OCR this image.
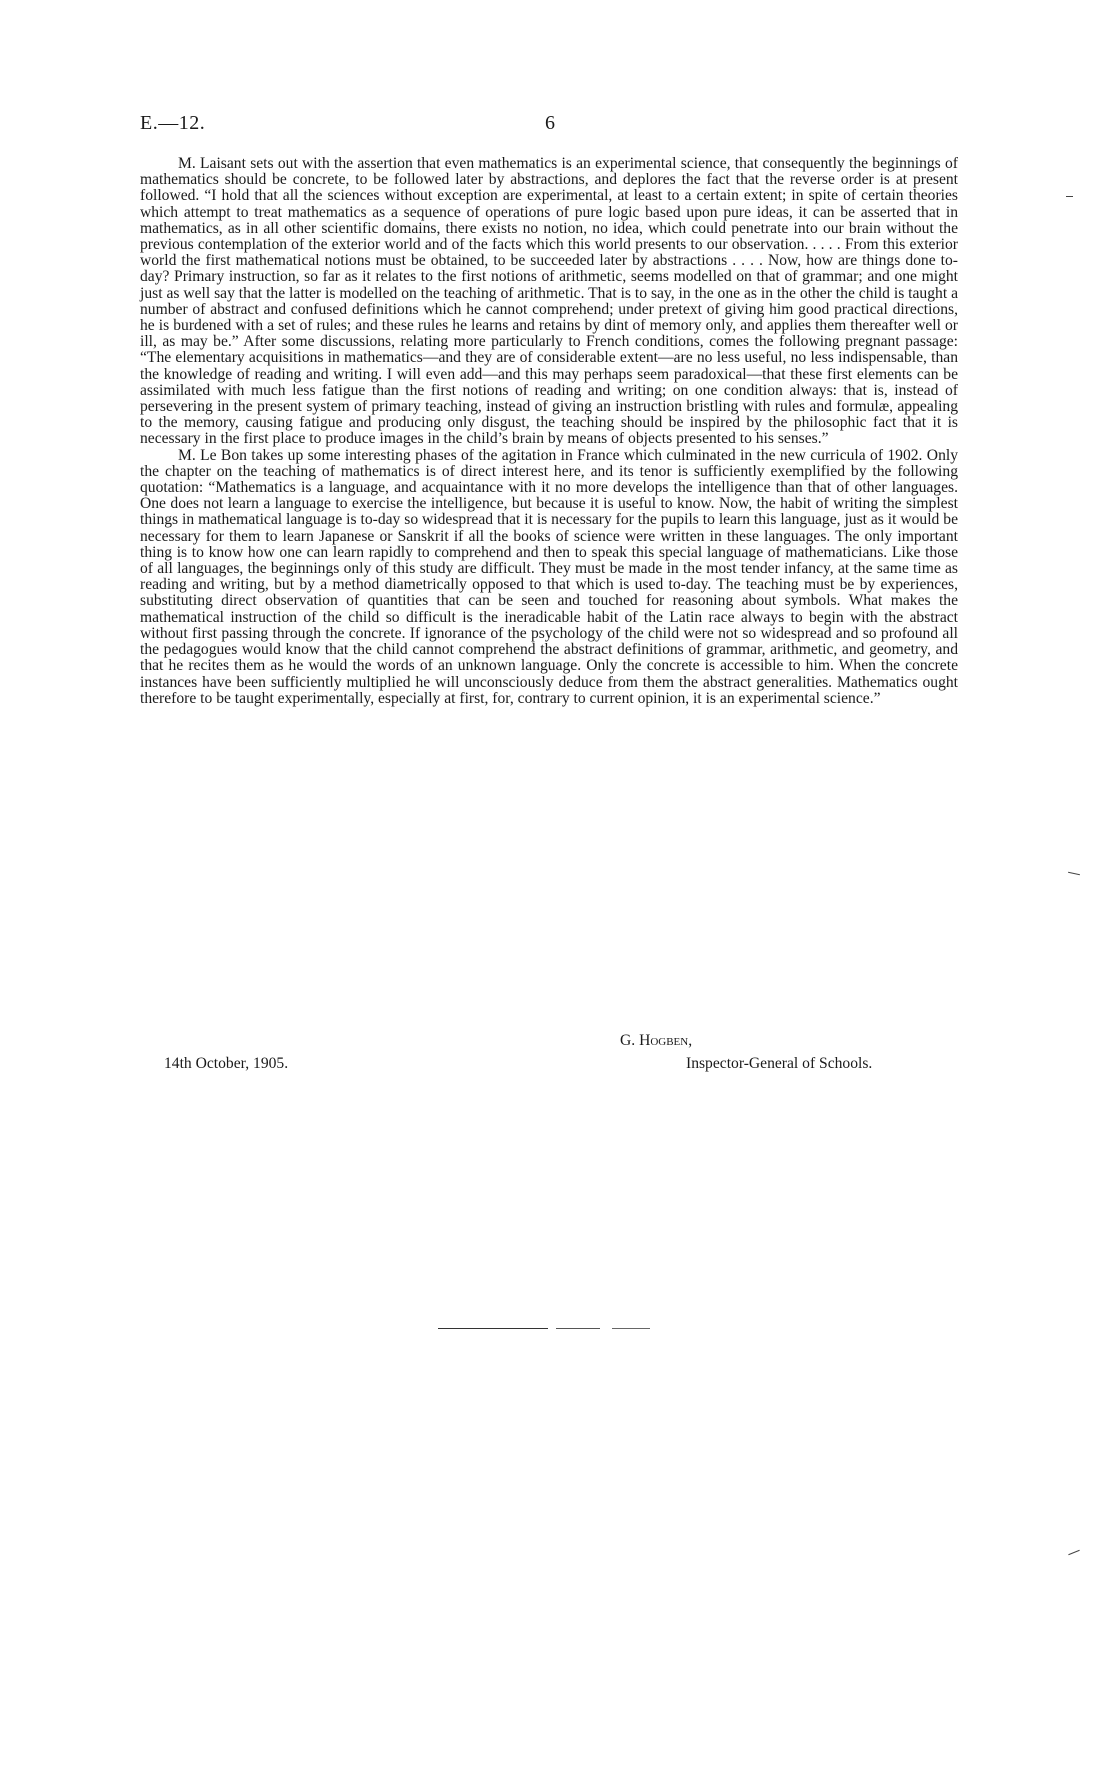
E.—12.	6

M. Laisant sets out with the assertion that even mathematics is an experimental science, that consequently the beginnings of mathematics should be concrete, to be followed later by abstractions, and deplores the fact that the reverse order is at present followed. “I hold that all the sciences without exception are experimental, at least to a certain extent; in spite of certain theories which attempt to treat mathematics as a sequence of operations of pure logic based upon pure ideas, it can be asserted that in mathematics, as in all other scientific domains, there exists no notion, no idea, which could penetrate into our brain without the previous contemplation of the exterior world and of the facts which this world presents to our observation. . . . . From this exterior world the first mathematical notions must be obtained, to be succeeded later by abstractions . . . . Now, how are things done to-day? Primary instruction, so far as it relates to the first notions of arithmetic, seems modelled on that of grammar; and one might just as well say that the latter is modelled on the teaching of arithmetic. That is to say, in the one as in the other the child is taught a number of abstract and confused definitions which he cannot comprehend; under pretext of giving him good practical directions, he is burdened with a set of rules; and these rules he learns and retains by dint of memory only, and applies them thereafter well or ill, as may be.” After some discussions, relating more particularly to French conditions, comes the following pregnant passage: “The elementary acquisitions in mathematics—and they are of considerable extent—are no less useful, no less indispensable, than the knowledge of reading and writing. I will even add—and this may perhaps seem paradoxical—that these first elements can be assimilated with much less fatigue than the first notions of reading and writing; on one condition always: that is, instead of persevering in the present system of primary teaching, instead of giving an instruction bristling with rules and formulæ, appealing to the memory, causing fatigue and producing only disgust, the teaching should be inspired by the philosophic fact that it is necessary in the first place to produce images in the child’s brain by means of objects presented to his senses.”

M. Le Bon takes up some interesting phases of the agitation in France which culminated in the new curricula of 1902. Only the chapter on the teaching of mathematics is of direct interest here, and its tenor is sufficiently exemplified by the following quotation: “Mathematics is a language, and acquaintance with it no more develops the intelligence than that of other languages. One does not learn a language to exercise the intelligence, but because it is useful to know. Now, the habit of writing the simplest things in mathematical language is to-day so widespread that it is necessary for the pupils to learn this language, just as it would be necessary for them to learn Japanese or Sanskrit if all the books of science were written in these languages. The only important thing is to know how one can learn rapidly to comprehend and then to speak this special language of mathematicians. Like those of all languages, the beginnings only of this study are difficult. They must be made in the most tender infancy, at the same time as reading and writing, but by a method diametrically opposed to that which is used to-day. The teaching must be by experiences, substituting direct observation of quantities that can be seen and touched for reasoning about symbols. What makes the mathematical instruction of the child so difficult is the ineradicable habit of the Latin race always to begin with the abstract without first passing through the concrete. If ignorance of the psychology of the child were not so widespread and so profound all the pedagogues would know that the child cannot comprehend the abstract definitions of grammar, arithmetic, and geometry, and that he recites them as he would the words of an unknown language. Only the concrete is accessible to him. When the concrete instances have been sufficiently multiplied he will unconsciously deduce from them the abstract generalities. Mathematics ought therefore to be taught experimentally, especially at first, for, contrary to current opinion, it is an experimental science.”

G. Hogben,
14th October, 1905.	Inspector-General of Schools.
